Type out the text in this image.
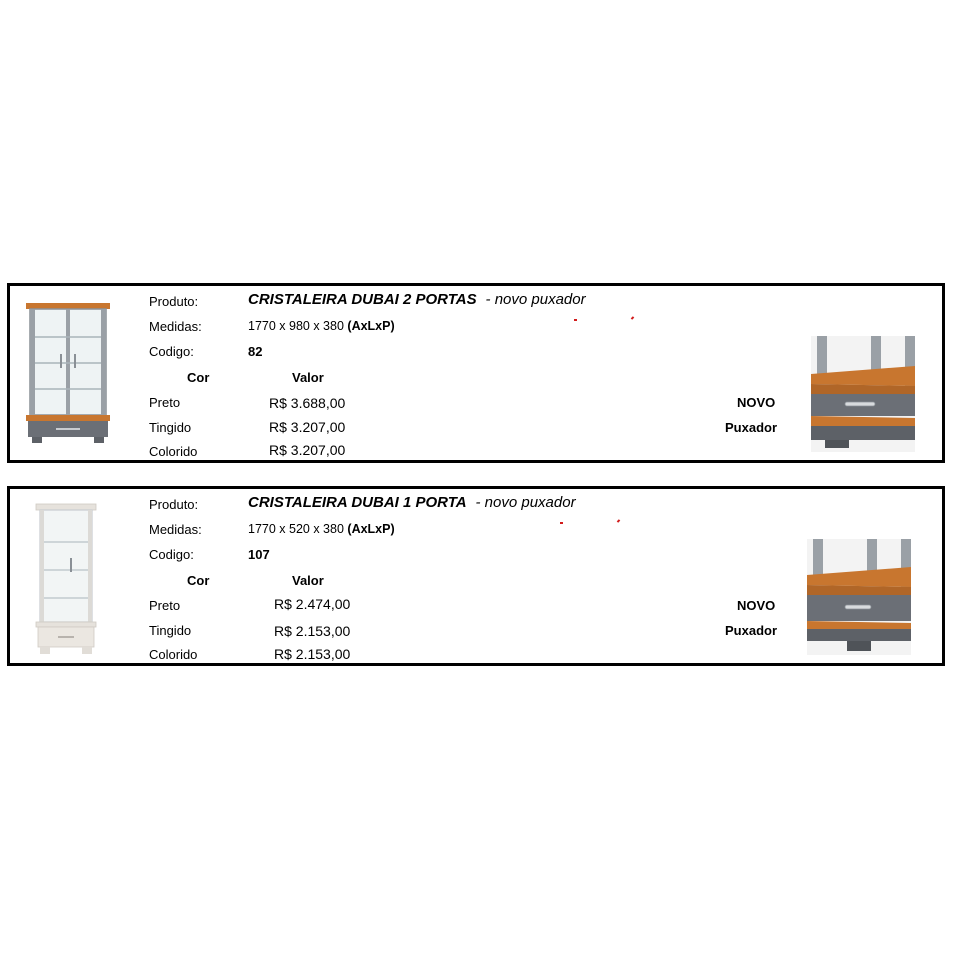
Produto:	CRISTALEIRA DUBAI 2 PORTAS - novo puxador
Medidas:	1770 x 980 x 380 (AxLxP)
Codigo:	82
Cor	Valor
Preto	R$ 3.688,00
Tingido	R$ 3.207,00
Colorido	R$ 3.207,00
NOVO
Puxador
Produto:	CRISTALEIRA DUBAI 1 PORTA - novo puxador
Medidas:	1770 x 520 x 380 (AxLxP)
Codigo:	107
Cor	Valor
Preto	R$ 2.474,00
Tingido	R$ 2.153,00
Colorido	R$ 2.153,00
NOVO
Puxador
